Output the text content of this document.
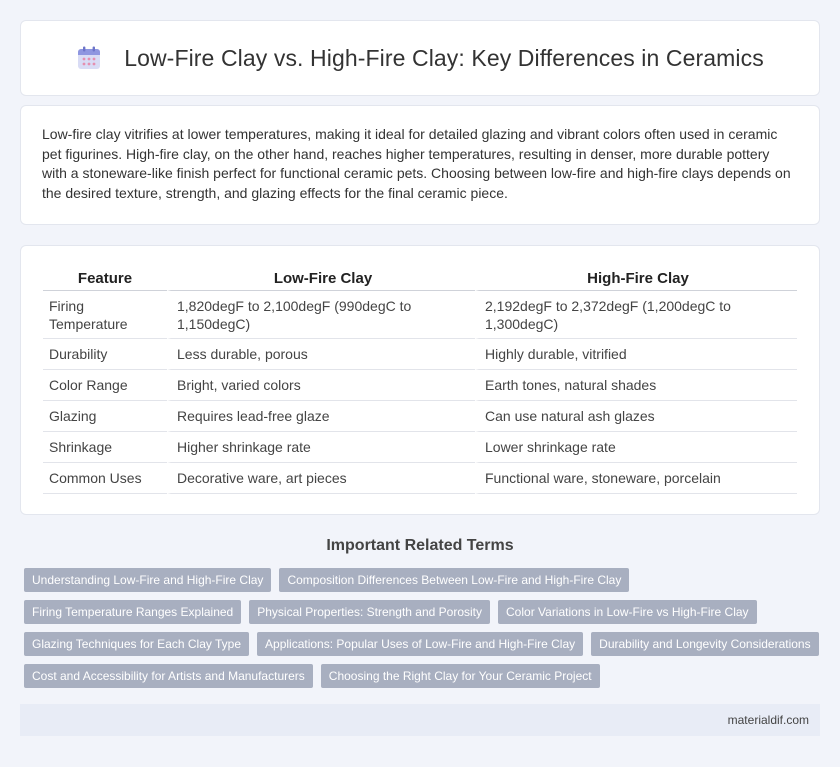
Low-Fire Clay vs. High-Fire Clay: Key Differences in Ceramics

Low-fire clay vitrifies at lower temperatures, making it ideal for detailed glazing and vibrant colors often used in ceramic pet figurines. High-fire clay, on the other hand, reaches higher temperatures, resulting in denser, more durable pottery with a stoneware-like finish perfect for functional ceramic pets. Choosing between low-fire and high-fire clays depends on the desired texture, strength, and glazing effects for the final ceramic piece.

Feature	Low-Fire Clay	High-Fire Clay
Firing Temperature	1,820degF to 2,100degF (990degC to 1,150degC)	2,192degF to 2,372degF (1,200degC to 1,300degC)
Durability	Less durable, porous	Highly durable, vitrified
Color Range	Bright, varied colors	Earth tones, natural shades
Glazing	Requires lead-free glaze	Can use natural ash glazes
Shrinkage	Higher shrinkage rate	Lower shrinkage rate
Common Uses	Decorative ware, art pieces	Functional ware, stoneware, porcelain
Important Related Terms
Understanding Low-Fire and High-Fire Clay	Composition Differences Between Low-Fire and High-Fire Clay
Firing Temperature Ranges Explained	Physical Properties: Strength and Porosity	Color Variations in Low-Fire vs High-Fire Clay
Glazing Techniques for Each Clay Type	Applications: Popular Uses of Low-Fire and High-Fire Clay	Durability and Longevity Considerations
Cost and Accessibility for Artists and Manufacturers	Choosing the Right Clay for Your Ceramic Project
materialdif.com
